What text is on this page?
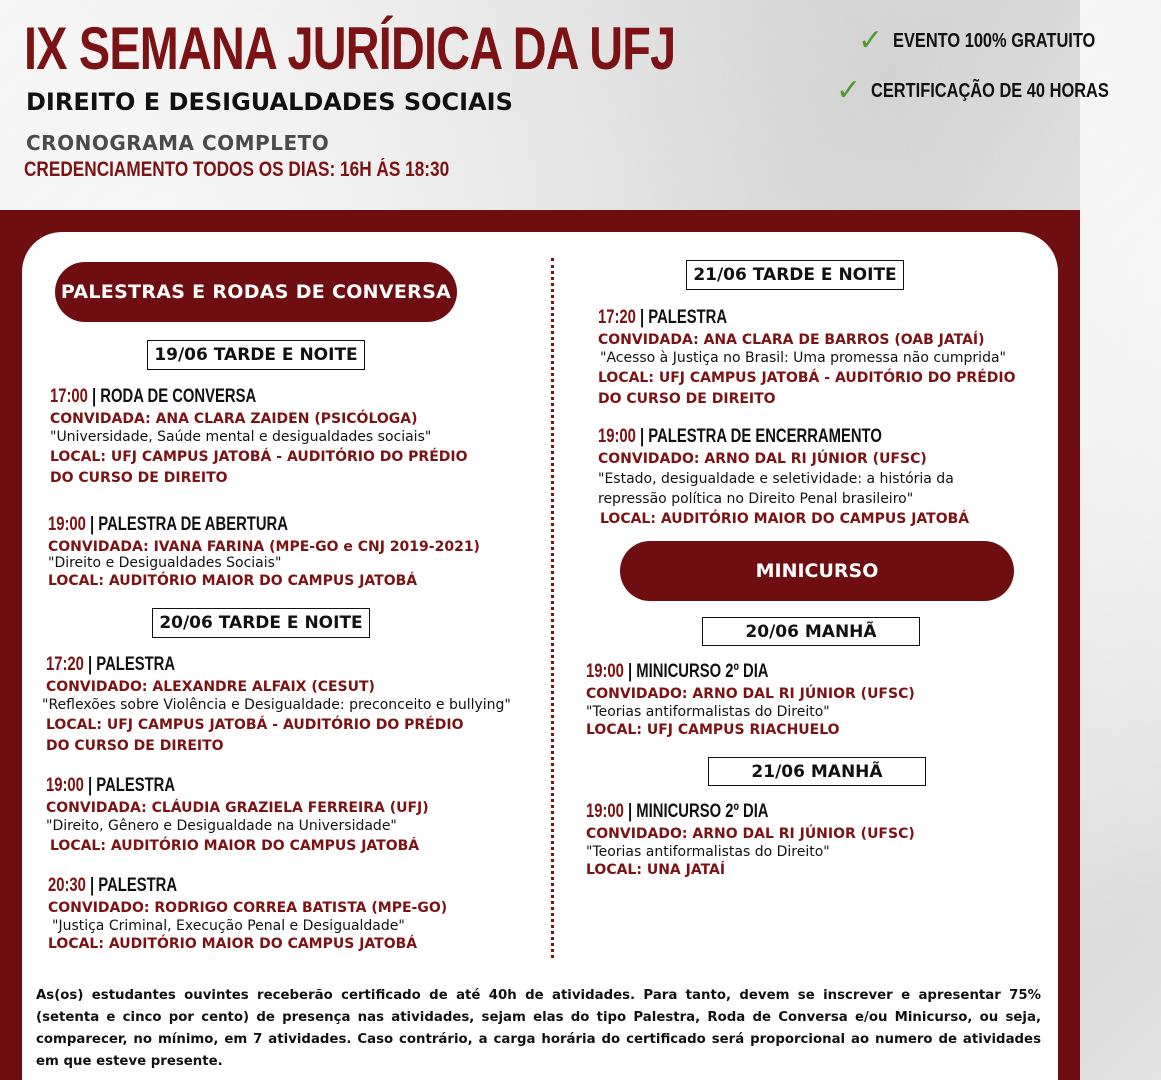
IX SEMANA JURÍDICA DA UFJ
DIREITO E DESIGUALDADES SOCIAIS
CRONOGRAMA COMPLETO
CREDENCIAMENTO TODOS OS DIAS: 16H ÁS 18:30
✓ EVENTO 100% GRATUITO
✓ CERTIFICAÇÃO DE 40 HORAS
PALESTRAS E RODAS DE CONVERSA
19/06 TARDE E NOITE
17:00 | RODA DE CONVERSA
CONVIDADA: ANA CLARA ZAIDEN (PSICÓLOGA)
"Universidade, Saúde mental e desigualdades sociais"
LOCAL: UFJ CAMPUS JATOBÁ - AUDITÓRIO DO PRÉDIO
DO CURSO DE DIREITO
19:00 | PALESTRA DE ABERTURA
CONVIDADA: IVANA FARINA (MPE-GO e CNJ 2019-2021)
"Direito e Desigualdades Sociais"
LOCAL: AUDITÓRIO MAIOR DO CAMPUS JATOBÁ
20/06 TARDE E NOITE
17:20 | PALESTRA
CONVIDADO: ALEXANDRE ALFAIX (CESUT)
"Reflexões sobre Violência e Desigualdade: preconceito e bullying"
LOCAL: UFJ CAMPUS JATOBÁ - AUDITÓRIO DO PRÉDIO
DO CURSO DE DIREITO
19:00 | PALESTRA
CONVIDADA: CLÁUDIA GRAZIELA FERREIRA (UFJ)
"Direito, Gênero e Desigualdade na Universidade"
LOCAL: AUDITÓRIO MAIOR DO CAMPUS JATOBÁ
20:30 | PALESTRA
CONVIDADO: RODRIGO CORREA BATISTA (MPE-GO)
"Justiça Criminal, Execução Penal e Desigualdade"
LOCAL: AUDITÓRIO MAIOR DO CAMPUS JATOBÁ
21/06 TARDE E NOITE
17:20 | PALESTRA
CONVIDADA: ANA CLARA DE BARROS (OAB JATAÍ)
"Acesso à Justiça no Brasil: Uma promessa não cumprida"
LOCAL: UFJ CAMPUS JATOBÁ - AUDITÓRIO DO PRÉDIO
DO CURSO DE DIREITO
19:00 | PALESTRA DE ENCERRAMENTO
CONVIDADO: ARNO DAL RI JÚNIOR (UFSC)
"Estado, desigualdade e seletividade: a história da
repressão política no Direito Penal brasileiro"
LOCAL: AUDITÓRIO MAIOR DO CAMPUS JATOBÁ
MINICURSO
20/06 MANHÃ
19:00 | MINICURSO 2º DIA
CONVIDADO: ARNO DAL RI JÚNIOR (UFSC)
"Teorias antiformalistas do Direito"
LOCAL: UFJ CAMPUS RIACHUELO
21/06 MANHÃ
19:00 | MINICURSO 2º DIA
CONVIDADO: ARNO DAL RI JÚNIOR (UFSC)
"Teorias antiformalistas do Direito"
LOCAL: UNA JATAÍ
As(os) estudantes ouvintes receberão certificado de até 40h de atividades. Para tanto, devem se inscrever e apresentar 75% (setenta e cinco por cento) de presença nas atividades, sejam elas do tipo Palestra, Roda de Conversa e/ou Minicurso, ou seja, comparecer, no mínimo, em 7 atividades. Caso contrário, a carga horária do certificado será proporcional ao numero de atividades em que esteve presente.
